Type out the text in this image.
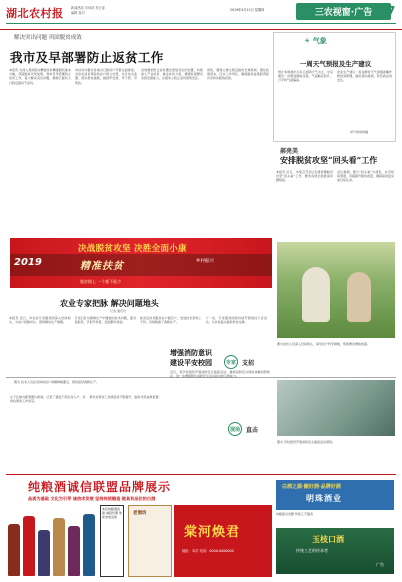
湖北农村报 新闻热线 市场部 发行部
编辑 校对
2019年4月11日 星期四	三农视窗·广告	7
解决突出问题 巩固脱贫成效
我市及早部署防止返贫工作
本报讯 为深入贯彻落实精准扶贫精准脱贫基本方略，巩固脱贫攻坚成果，我市及早部署防止返贫工作，着力解决突出问题，确保已脱贫人口稳定脱贫不返贫。
市扶贫办要求各地对已脱贫户开展全面排查，对存在返贫风险的农户建立台账，实行动态监测，落实帮扶措施，做到早发现、早干预、早帮扶。
各地要把防止返贫摆在更加突出的位置，持续加大产业扶贫、就业扶贫力度，增强贫困群众自我发展能力，从根本上防止返贫现象发生。
同时，要建立健全稳定脱贫长效机制，强化政策落实，压实工作责任，确保脱贫成果经得起历史和实践的检验。
☀ 气象
一周天气预报及生产建议
预计本周我市以多云到阴天气为主，中后期有一次明显降雨过程，气温略有回升，日平均气温偏高。
农业生产建议：抓住晴好天气加强春播作物田间管理，做好清沟排渍，防范病虫害发生。
市气象局供稿
郝亮美
安排脱贫攻坚“回头看”工作
本报讯 近日，市里召开会议安排部署脱贫攻坚“回头看”工作，要求各地全面排查问题短板。
会议强调，要以“回头看”为契机，补齐短板弱项，巩固提升脱贫质量，确保高质量完成目标任务。
图为农技人员深入田间地头，指导农户科学种植，帮助群众增收致富。
决战脱贫攻坚 决胜全面小康
2019	精准扶贫	乡村振兴
脱贫路上 一个都不能少
农业专家把脉 解决问题地头
记者 通讯员
本报讯 近日，市农业专家服务团深入田间地头，为农户把脉问诊，现场解决生产难题。
专家们针对春耕生产中遇到的技术问题，面对面指导，手把手传授，受到群众欢迎。
此次活动共服务农户数百户，发放技术资料上千份，有效助推了春耕生产。
下一步，专家服务团将持续开展送技下乡活动，为乡村振兴提供科技支撑。
专家	支招
图为 技术人员在田间向农户讲解种植要点，现场指导春耕生产。
左下区域为配套图片新闻，记录了基层干部走村入户、宣传政策的工作场景。
群众对帮扶工作满意度不断提升，脱贫攻坚成效显著。
增强消防意识
建设平安校园
近日，某学校组织开展消防安全演练活动，邀请消防官兵现场讲解消防知识，进一步增强师生消防安全意识和自救互救能力。
现场	直击
图为 学校组织开展消防安全演练活动现场。
纯粮酒诚信联盟品牌展示
品质为基础 文化为引导 诚信求发展 坚持传统酿造 做具有品位的白酒
白酒之源·酿好酒·品牌好酒
明珠酒业
纯粮固态发酵 传统工艺酿造
本店纯粮酒直销 诚招代理 欢迎来电洽谈
老酒坊
棠河焕君
地址：本市 电话：0000-0000000
玉枝口酒
传统工艺的传承者
广告
